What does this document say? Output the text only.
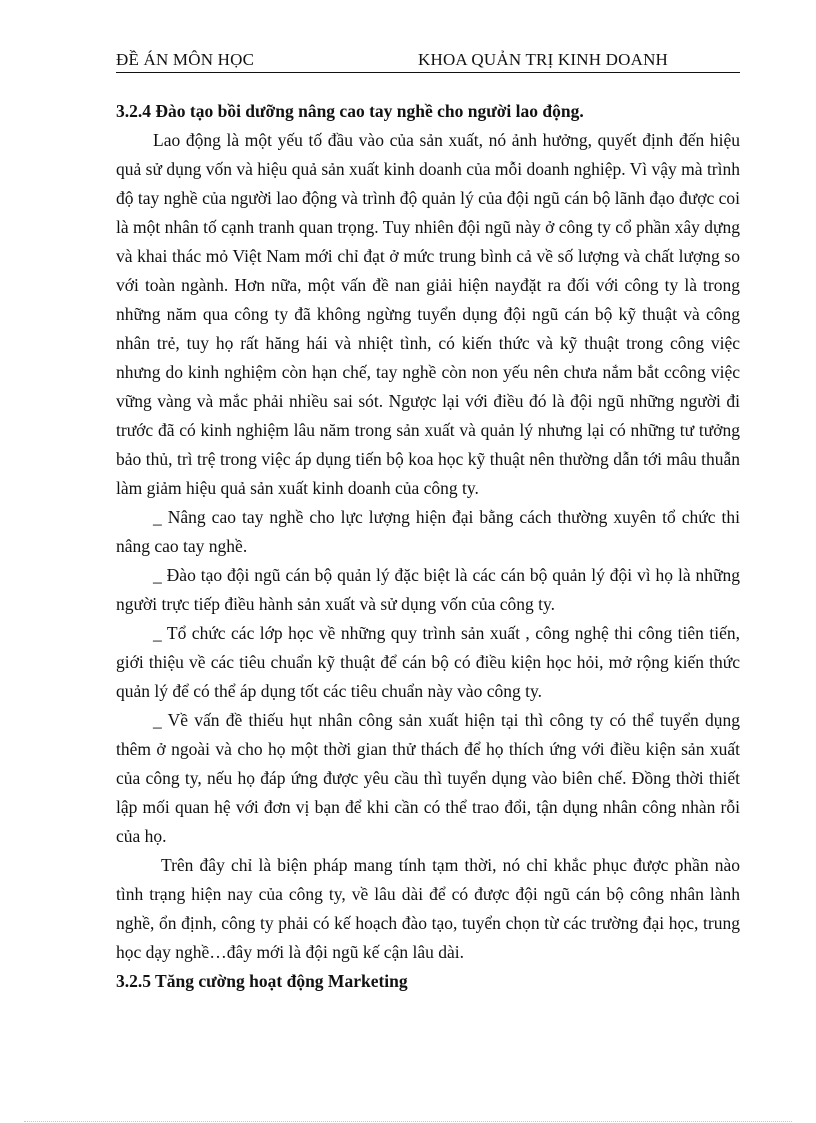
ĐỀ ÁN MÔN HỌC	KHOA QUẢN TRỊ KINH DOANH

3.2.4 Đào tạo bồi dưỡng nâng cao tay nghề cho người lao động.

Lao động là một yếu tố đầu vào của sản xuất, nó ảnh hưởng, quyết định đến hiệu quả sử dụng vốn và hiệu quả sản xuất kinh doanh của mỗi doanh nghiệp. Vì vậy mà trình độ tay nghề của người lao động và trình độ quản lý của đội ngũ cán bộ lãnh đạo được coi là một nhân tố cạnh tranh quan trọng. Tuy nhiên đội ngũ này ở công ty cổ phần xây dựng và khai thác mỏ Việt Nam mới chỉ đạt ở mức trung bình cả về số lượng và chất lượng so với toàn ngành. Hơn nữa, một vấn đề nan giải hiện nayđặt ra đối với công ty là trong những năm qua công ty đã không ngừng tuyển dụng đội ngũ cán bộ kỹ thuật và công nhân trẻ, tuy họ rất hăng hái và nhiệt tình, có kiến thức và kỹ thuật trong công việc nhưng do kinh nghiệm còn hạn chế, tay nghề còn non yếu nên chưa nắm bắt ccông việc vững vàng và mắc phải nhiều sai sót. Ngược lại với điều đó là đội ngũ những người đi trước đã có kinh nghiệm lâu năm trong sản xuất và quản lý nhưng lại có những tư tưởng bảo thủ, trì trệ trong việc áp dụng tiến bộ koa học kỹ thuật nên thường dẫn tới mâu thuẫn làm giảm hiệu quả sản xuất kinh doanh của công ty.

_ Nâng cao tay nghề cho lực lượng hiện đại bằng cách thường xuyên tổ chức thi nâng cao tay nghề.

_ Đào tạo đội ngũ cán bộ quản lý đặc biệt là các cán bộ quản lý đội vì họ là những người trực tiếp điều hành sản xuất và sử dụng vốn của công ty.

_ Tổ chức các lớp học về những quy trình sản xuất , công nghệ thi công tiên tiến, giới thiệu về các tiêu chuẩn kỹ thuật để cán bộ có điều kiện học hỏi, mở rộng kiến thức quản lý để có thể áp dụng tốt các tiêu chuẩn này vào công ty.

_ Về vấn đề thiếu hụt nhân công sản xuất hiện tại thì công ty có thể tuyển dụng thêm ở ngoài và cho họ một thời gian thử thách để họ thích ứng với điều kiện sản xuất của công ty, nếu họ đáp ứng được yêu cầu thì tuyển dụng vào biên chế. Đồng thời thiết lập mối quan hệ với đơn vị bạn để khi cần có thể trao đổi, tận dụng nhân công nhàn rỗi của họ.

Trên đây chỉ là biện pháp mang tính tạm thời, nó chỉ khắc phục được phần nào tình trạng hiện nay của công ty, về lâu dài để có được đội ngũ cán bộ công nhân lành nghề, ổn định, công ty phải có kế hoạch đào tạo, tuyển chọn từ các trường đại học, trung học dạy nghề…đây mới là đội ngũ kế cận lâu dài.

3.2.5 Tăng cường hoạt động Marketing
